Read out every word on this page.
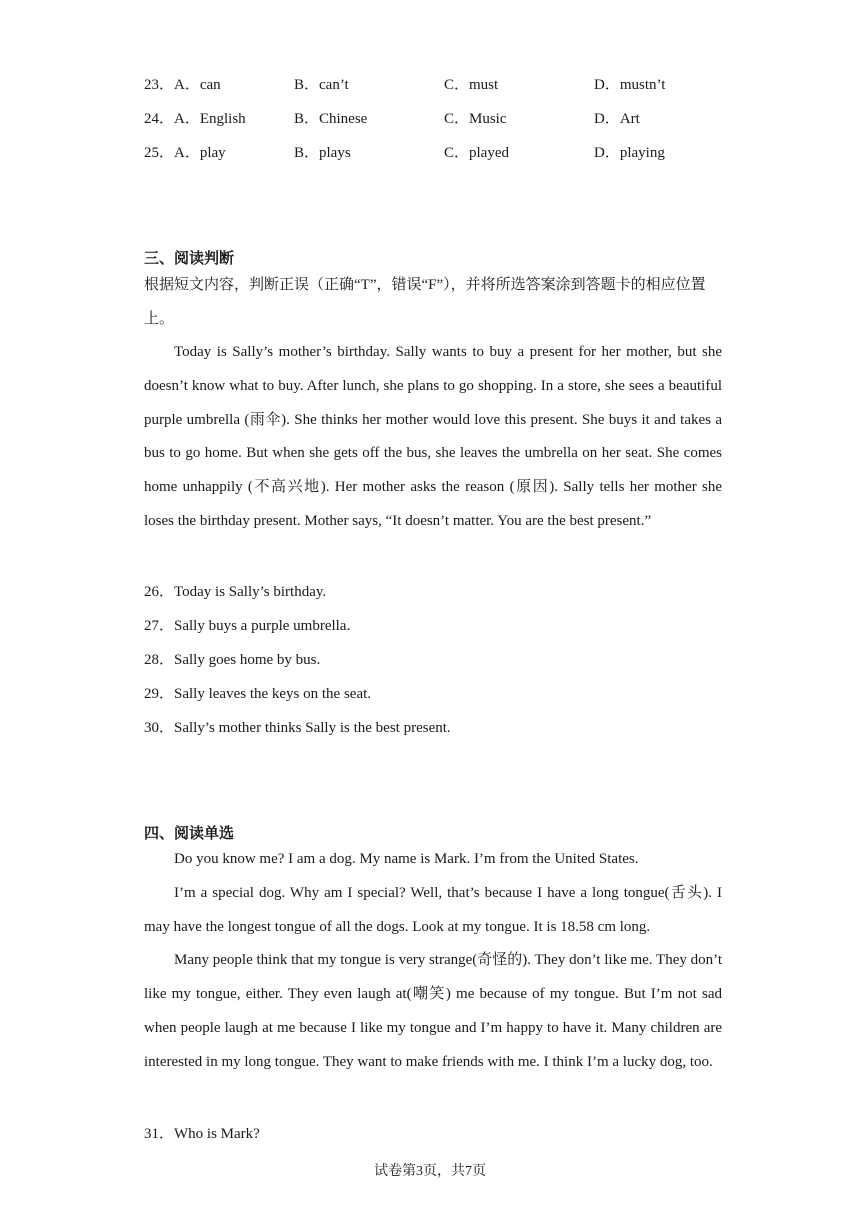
23． A．can	B．can’t	C．must	D．mustn’t
24． A．English	B．Chinese	C．Music	D．Art
25． A．play	B．plays	C．played	D．playing
三、阅读判断
根据短文内容，判断正误（正确“T”，错误“F”），并将所选答案涂到答题卡的相应位置上。

Today is Sally’s mother’s birthday. Sally wants to buy a present for her mother, but she doesn’t know what to buy. After lunch, she plans to go shopping. In a store, she sees a beautiful purple umbrella (雨伞). She thinks her mother would love this present. She buys it and takes a bus to go home. But when she gets off the bus, she leaves the umbrella on her seat. She comes home unhappily (不高兴地). Her mother asks the reason (原因). Sally tells her mother she loses the birthday present. Mother says, “It doesn’t matter. You are the best present.”

26．Today is Sally’s birthday.
27．Sally buys a purple umbrella.
28．Sally goes home by bus.
29．Sally leaves the keys on the seat.
30．Sally’s mother thinks Sally is the best present.
四、阅读单选

Do you know me? I am a dog. My name is Mark. I’m from the United States.

I’m a special dog. Why am I special? Well, that’s because I have a long tongue(舌头). I may have the longest tongue of all the dogs. Look at my tongue. It is 18.58 cm long.

Many people think that my tongue is very strange(奇怪的). They don’t like me. They don’t like my tongue, either. They even laugh at(嘲笑) me because of my tongue. But I’m not sad when people laugh at me because I like my tongue and I’m happy to have it. Many children are interested in my long tongue. They want to make friends with me. I think I’m a lucky dog, too.

31．Who is Mark?
试卷第3页，共7页
